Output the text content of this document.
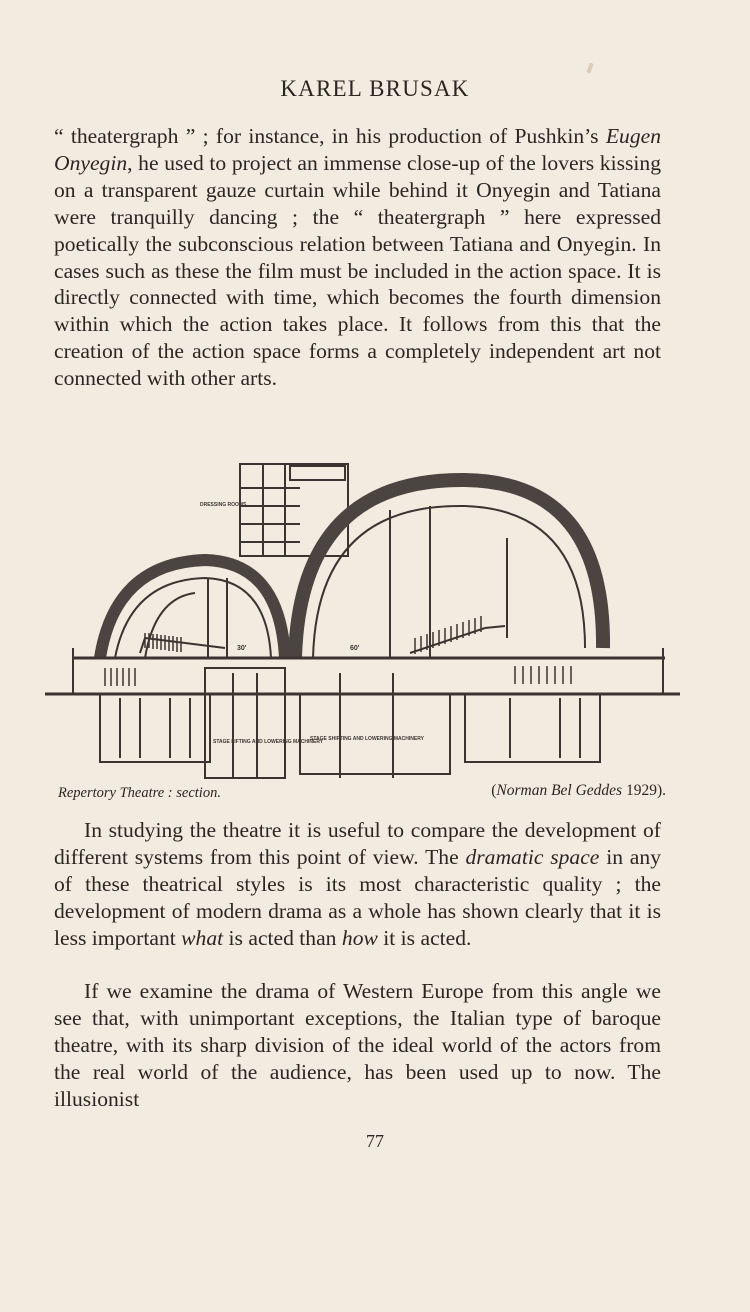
KAREL BRUSAK

“ theatergraph ” ; for instance, in his production of Pushkin’s Eugen Onyegin, he used to project an immense close-up of the lovers kissing on a transparent gauze curtain while behind it Onyegin and Tatiana were tranquilly dancing ; the “ theatergraph ” here expressed poetically the subconscious relation between Tatiana and Onyegin. In cases such as these the film must be included in the action space. It is directly connected with time, which becomes the fourth dimension within which the action takes place. It follows from this that the creation of the action space forms a completely independent art not connected with other arts.

DRESSING ROOMS
STAGE LIFTING AND LOWERING MACHINERY
STAGE SHIFTING AND LOWERING MACHINERY
60'
30'
Repertory Theatre : section.	(Norman Bel Geddes 1929).

In studying the theatre it is useful to compare the development of different systems from this point of view. The dramatic space in any of these theatrical styles is its most characteristic quality ; the development of modern drama as a whole has shown clearly that it is less important what is acted than how it is acted.

If we examine the drama of Western Europe from this angle we see that, with unimportant exceptions, the Italian type of baroque theatre, with its sharp division of the ideal world of the actors from the real world of the audience, has been used up to now. The illusionist

77
